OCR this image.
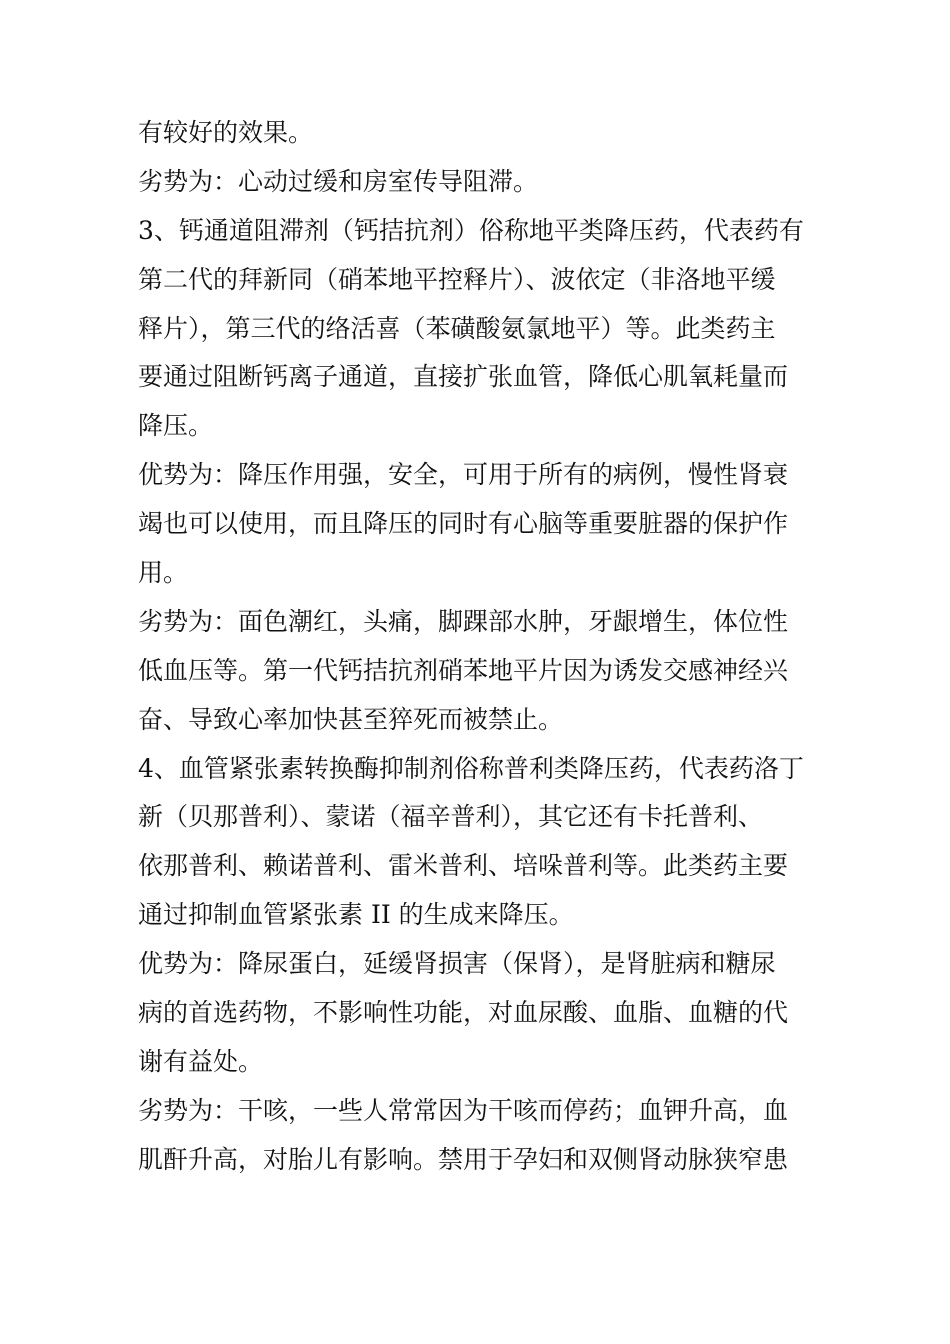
有较好的效果。
劣势为：心动过缓和房室传导阻滞。
3、钙通道阻滞剂（钙拮抗剂）俗称地平类降压药，代表药有
第二代的拜新同（硝苯地平控释片）、波依定（非洛地平缓
释片），第三代的络活喜（苯磺酸氨氯地平）等。此类药主
要通过阻断钙离子通道，直接扩张血管，降低心肌氧耗量而
降压。
优势为：降压作用强，安全，可用于所有的病例，慢性肾衰
竭也可以使用，而且降压的同时有心脑等重要脏器的保护作
用。
劣势为：面色潮红，头痛，脚踝部水肿，牙龈增生，体位性
低血压等。第一代钙拮抗剂硝苯地平片因为诱发交感神经兴
奋、导致心率加快甚至猝死而被禁止。
4、血管紧张素转换酶抑制剂俗称普利类降压药，代表药洛丁
新（贝那普利）、蒙诺（福辛普利），其它还有卡托普利、
依那普利、赖诺普利、雷米普利、培哚普利等。此类药主要
通过抑制血管紧张素 II 的生成来降压。
优势为：降尿蛋白，延缓肾损害（保肾），是肾脏病和糖尿
病的首选药物，不影响性功能，对血尿酸、血脂、血糖的代
谢有益处。
劣势为：干咳，一些人常常因为干咳而停药；血钾升高，血
肌酐升高，对胎儿有影响。禁用于孕妇和双侧肾动脉狭窄患
